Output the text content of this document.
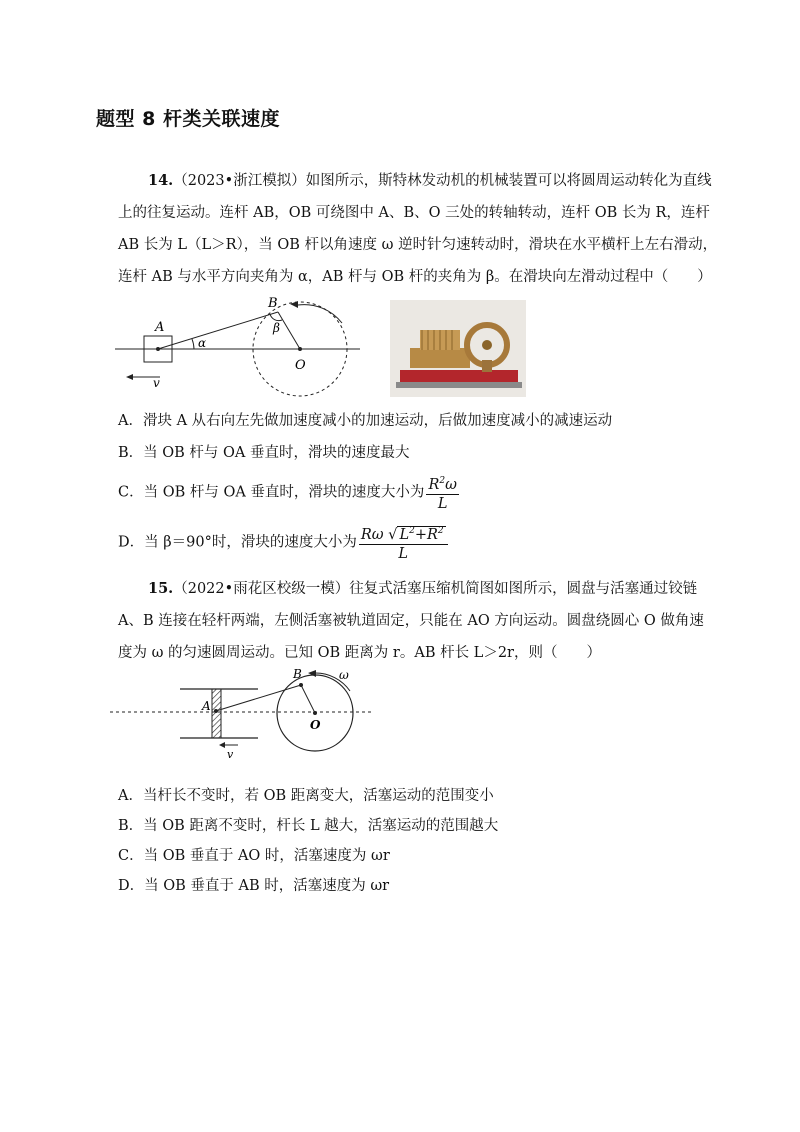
题型 8 杆类关联速度
14.（2023•浙江模拟）如图所示，斯特林发动机的机械装置可以将圆周运动转化为直线上的往复运动。连杆 AB，OB 可绕图中 A、B、O 三处的转轴转动，连杆 OB 长为 R，连杆 AB 长为 L（L＞R），当 OB 杆以角速度 ω 逆时针匀速转动时，滑块在水平横杆上左右滑动，连杆 AB 与水平方向夹角为 α，AB 杆与 OB 杆的夹角为 β。在滑块向左滑动过程中（　　）
A
B
O
α
β
v
A．滑块 A 从右向左先做加速度减小的加速运动，后做加速度减小的减速运动
B．当 OB 杆与 OA 垂直时，滑块的速度最大
C．当 OB 杆与 OA 垂直时，滑块的速度大小为 $\frac{R^2\omega}{L}$
D．当 β＝90°时，滑块的速度大小为 $\frac{R\omega √ L^2+R^2}{L}$
15.（2022•雨花区校级一模）往复式活塞压缩机简图如图所示，圆盘与活塞通过铰链 A、B 连接在轻杆两端，左侧活塞被轨道固定，只能在 AO 方向运动。圆盘绕圆心 O 做角速度为 ω 的匀速圆周运动。已知 OB 距离为 r。AB 杆长 L＞2r，则（　　）
A
B
O
ω
v
A．当杆长不变时，若 OB 距离变大，活塞运动的范围变小
B．当 OB 距离不变时，杆长 L 越大，活塞运动的范围越大
C．当 OB 垂直于 AO 时，活塞速度为 ωr
D．当 OB 垂直于 AB 时，活塞速度为 ωr
